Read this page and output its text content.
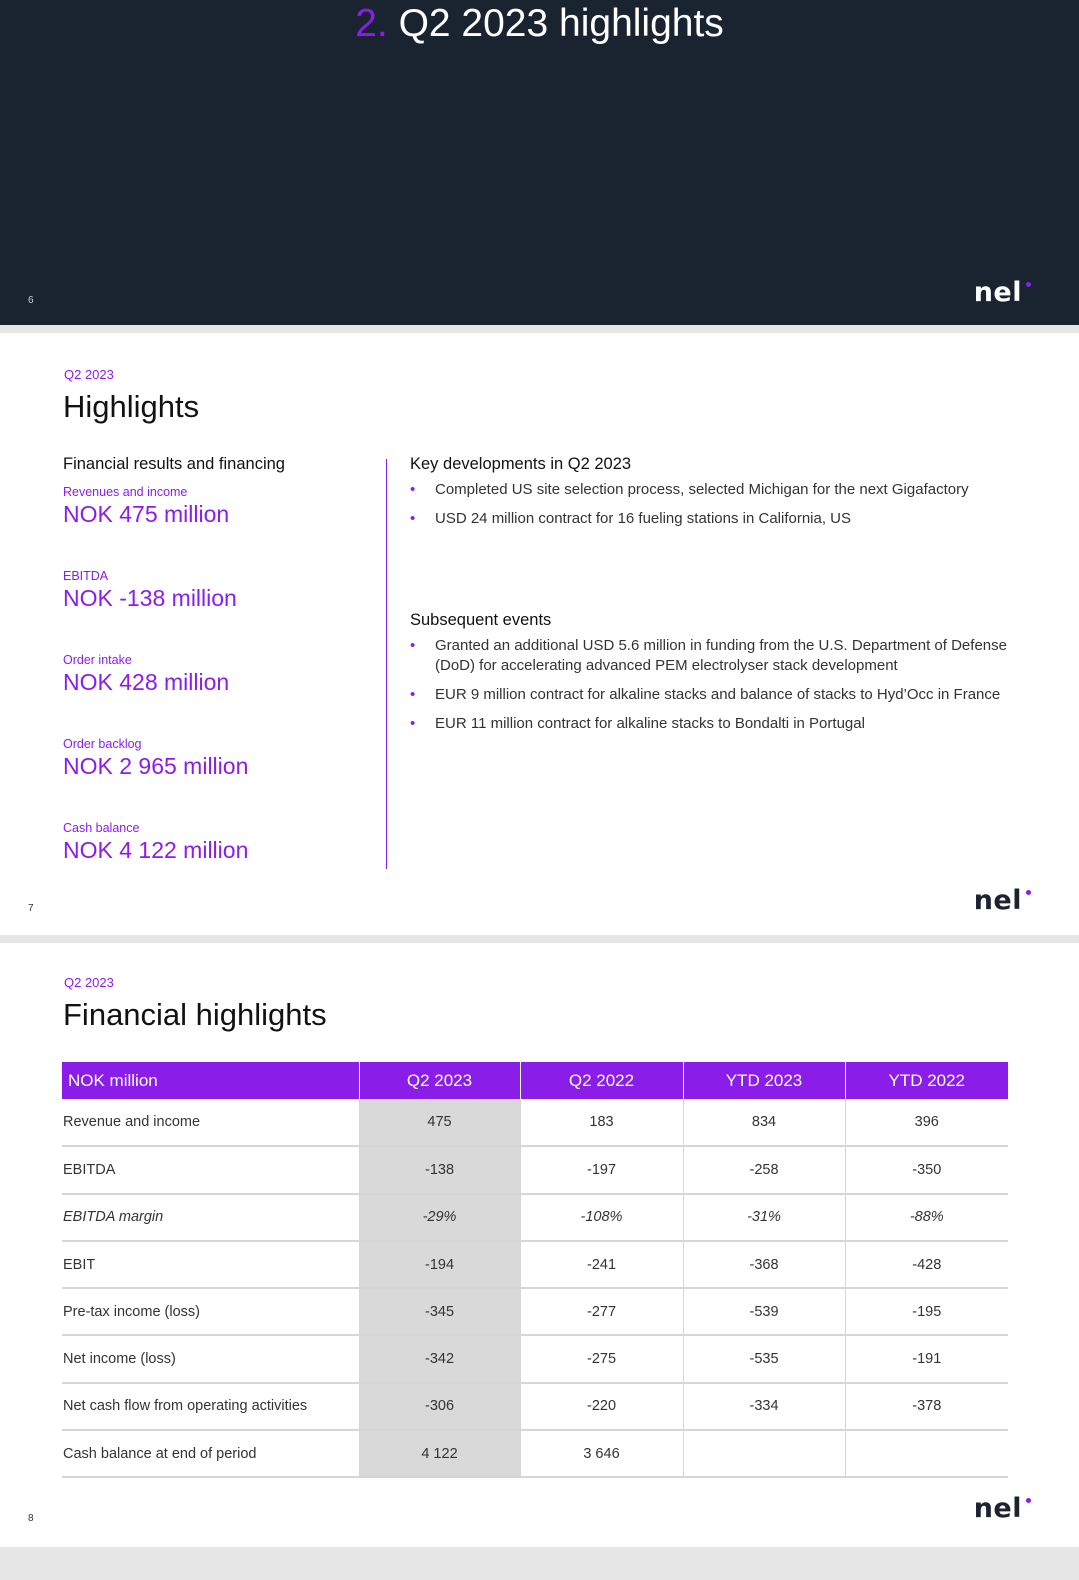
2. Q2 2023 highlights
6	nel
Q2 2023
Highlights
Financial results and financing
Revenues and income
NOK 475 million
EBITDA
NOK -138 million
Order intake
NOK 428 million
Order backlog
NOK 2 965 million
Cash balance
NOK 4 122 million
Key developments in Q2 2023
• Completed US site selection process, selected Michigan for the next Gigafactory
• USD 24 million contract for 16 fueling stations in California, US
Subsequent events
• Granted an additional USD 5.6 million in funding from the U.S. Department of Defense (DoD) for accelerating advanced PEM electrolyser stack development
• EUR 9 million contract for alkaline stacks and balance of stacks to Hyd’Occ in France
• EUR 11 million contract for alkaline stacks to Bondalti in Portugal
7	nel
Q2 2023
Financial highlights
NOK million	Q2 2023	Q2 2022	YTD 2023	YTD 2022
Revenue and income	475	183	834	396
EBITDA	-138	-197	-258	-350
EBITDA margin	-29%	-108%	-31%	-88%
EBIT	-194	-241	-368	-428
Pre-tax income (loss)	-345	-277	-539	-195
Net income (loss)	-342	-275	-535	-191
Net cash flow from operating activities	-306	-220	-334	-378
Cash balance at end of period	4 122	3 646		
8	nel
